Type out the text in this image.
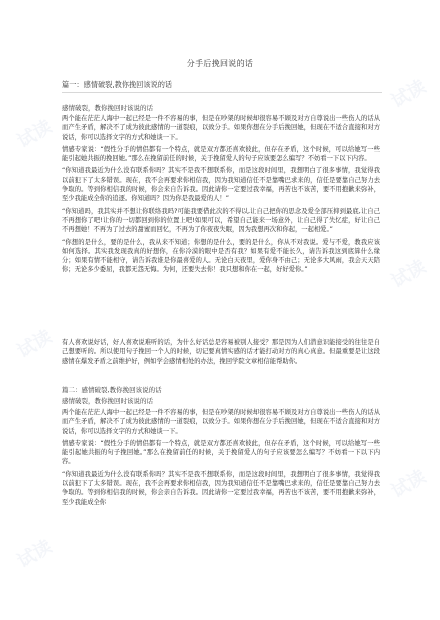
试读
试读
试读
试读
试读
试读
分手后挽回说的话
篇一：感情破裂,教你挽回该说的话
感情破裂，教你挽回时该说的话

两个能在茫茫人海中一起已经是一件不容易的事，但是在吵架的时候却很容易不顾及对方自尊说出一些伤人的话从而产生矛盾，解决不了成为彼此感情的一道裂痕，以致分手。如果你想在分手后挽回她，但现在不适合直接和对方说话，你可以选择文字的方式和她谈一下。

情感专家说：“假性分手的情侣都有一个特点，就是双方都还喜欢彼此，但存在矛盾，这个时候，可以给她写一些能引起她共振的挽回她。”那么在挽留前任的时候，关于挽留爱人的句子应该要怎么编写？不妨看一下以下内容。

“你知道我最近为什么没有联系你吗？其实不是我不想联系你，而是这段时间里，我想明白了很多事情，我觉得我以前犯下了太多错误。现在，我不会再要求你相信我，因为我知道信任不是靠嘴巴求来的，信任是要靠自己努力去争取的。等到你相信我的时候，你会来自告诉我。因此请你一定要过我幸福，再苦也不该苦，要不用抱歉来弥补，至少我能成全你的追逐。你知道吗？因为你是我最爱的人！”

“你知道吗，我其实并不想让你联络我吗?可能我要借此次的不得以,让自己把你的思念及爱全部压抑到最底,让自己不再想你了吧!让你的一切都回到你的位置上吧!如果可以，希望自己能来一场意外，让自己得了失忆症，好让自己不再想她！不再为了过去的甜蜜而回忆，不再为了你夜夜失眠，因为我想再次和你起，一起相爱。”

“你想的是什么，要的是什么，我从来不知道；你想的是什么，要的是什么，你从不对我说。爱与不爱，教我应该如何选择。其实我发现我真的好想你，在你冷漠的眼中是否有我？如果有爱不能长久，请告诉我这到底算什么缘分；如果有情不能相守，请告诉我谁是你最喜爱的人。无论白天夜里，爱你身不由己；无论多大风雨，我会天天陪你；无论多少委屈，我都无怨无悔。为何，还要失去你！我只想和你在一起，好好爱你。”

有人喜欢说好话，好人喜欢说难听的话，为什么好话总是容易被别人接受？那是因为人们潜意识能接受的往往是自己想要听的。所以使用句子挽回一个人的时候，切记要真情实感的话才能打动对方的真心真意。但最重要是让这段感情在爆发矛盾之前维护好，例如学会感情相处的办法，挽回学院文章相信能帮助你。

篇二：感情破裂,教你挽回该说的话
感情破裂，教你挽回时该说的话

两个能在茫茫人海中一起已经是一件不容易的事，但是在吵架的时候却很容易不顾及对方自尊说出一些伤人的话从而产生矛盾，解决不了成为彼此感情的一道裂痕，以致分手。如果你想在分手后挽回她，但现在不适合直接和对方说话，你可以选择文字的方式和她谈一下。

情感专家说：“假性分手的情侣都有一个特点，就是双方都还喜欢彼此，但存在矛盾，这个时候，可以给她写一些能引起她共振的句子挽回她。”那么在挽留前任的时候，关于挽留爱人的句子应该要怎么编写？不妨看一下以下内容。

“你知道我最近为什么没有联系你吗？其实不是我不想联系你，而是这段时间里，我想明白了很多事情，我觉得我以前犯下了太多错误。现在，我不会再要求你相信我，因为我知道信任不是靠嘴巴求来的，信任是要靠自己努力去争取的。等到你相信我的时候，你会亲自告诉我。因此请你一定要过我幸福，再苦也不该苦，要不用抱歉来弥补，至少我能成全你
